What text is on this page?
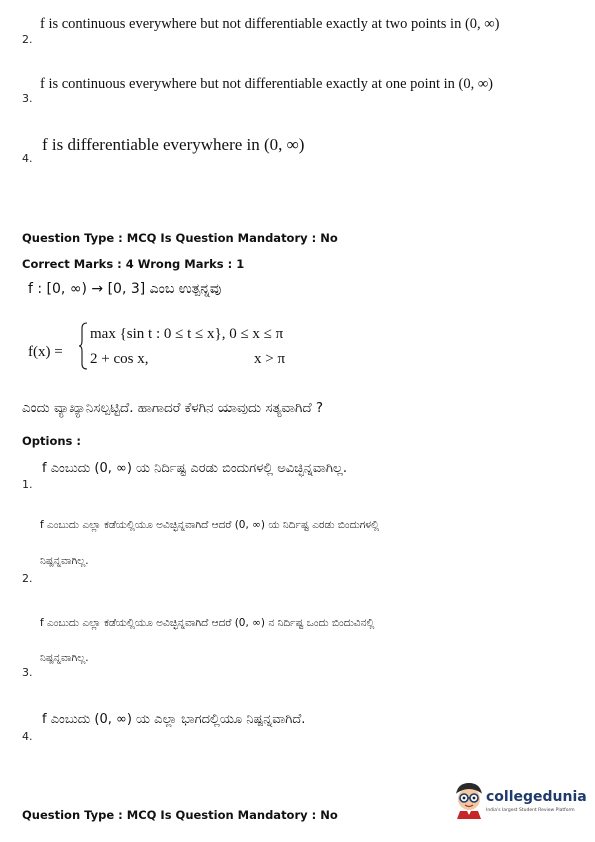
2.
f is continuous everywhere but not differentiable exactly at two points in (0, ∞)
3.
f is continuous everywhere but not differentiable exactly at one point in (0, ∞)
4.
f is differentiable everywhere in (0, ∞)
Question Type : MCQ Is Question Mandatory : No
Correct Marks : 4 Wrong Marks : 1
f : [0, ∞) → [0, 3] ಎಂಬ ಉತ್ಪನ್ನವು
f(x) =
max {sin t : 0 ≤ t ≤ x}, 0 ≤ x ≤ π
2 + cos x,	x > π
ಎಂದು ವ್ಯಾಖ್ಯಾನಿಸಲ್ಪಟ್ಟಿದೆ. ಹಾಗಾದರೆ ಕೆಳಗಿನ ಯಾವುದು ಸತ್ಯವಾಗಿದೆ ?
Options :
1.
f ಎಂಬುದು (0, ∞) ಯ ನಿರ್ದಿಷ್ಟ ಎರಡು ಬಿಂದುಗಳಲ್ಲಿ ಅವಿಚ್ಛಿನ್ನವಾಗಿಲ್ಲ.
f ಎಂಬುದು ಎಲ್ಲಾ ಕಡೆಯಲ್ಲಿಯೂ ಅವಿಚ್ಛಿನ್ನವಾಗಿದೆ ಆದರೆ (0, ∞) ಯ ನಿರ್ದಿಷ್ಟ ಎರಡು ಬಿಂದುಗಳಲ್ಲಿ
ನಿಷ್ಪನ್ನವಾಗಿಲ್ಲ.
2.
f ಎಂಬುದು ಎಲ್ಲಾ ಕಡೆಯಲ್ಲಿಯೂ ಅವಿಚ್ಛಿನ್ನವಾಗಿದೆ ಆದರೆ (0, ∞) ನ ನಿರ್ದಿಷ್ಟ ಒಂದು ಬಿಂದುವಿನಲ್ಲಿ
ನಿಷ್ಪನ್ನವಾಗಿಲ್ಲ.
3.
4.
f ಎಂಬುದು (0, ∞) ಯ ಎಲ್ಲಾ ಭಾಗದಲ್ಲಿಯೂ ನಿಷ್ಪನ್ನವಾಗಿದೆ.
Question Type : MCQ Is Question Mandatory : No
collegedunia
India's largest Student Review Platform
